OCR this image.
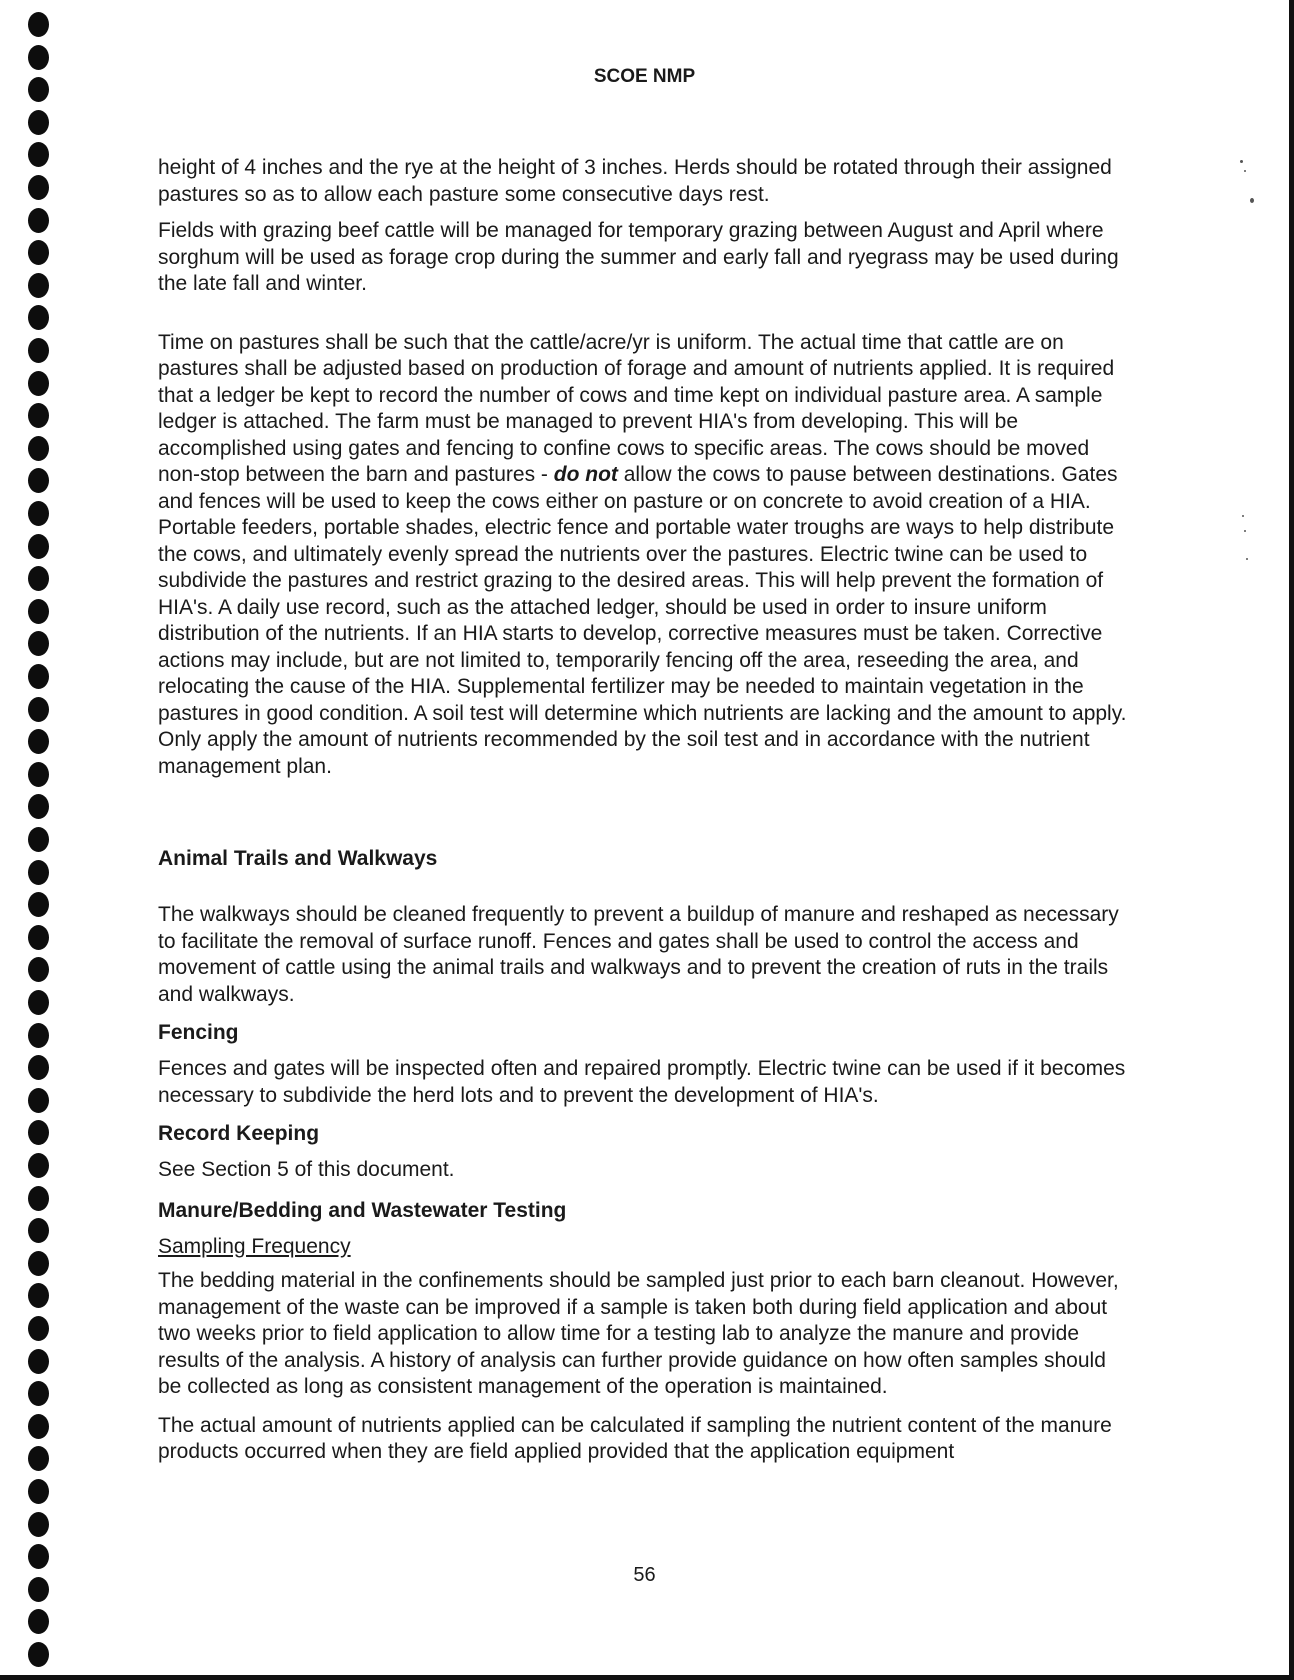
SCOE NMP

height of 4 inches and the rye at the height of 3 inches. Herds should be rotated through their assigned pastures so as to allow each pasture some consecutive days rest.

Fields with grazing beef cattle will be managed for temporary grazing between August and April where sorghum will be used as forage crop during the summer and early fall and ryegrass may be used during the late fall and winter.

Time on pastures shall be such that the cattle/acre/yr is uniform. The actual time that cattle are on pastures shall be adjusted based on production of forage and amount of nutrients applied. It is required that a ledger be kept to record the number of cows and time kept on individual pasture area. A sample ledger is attached. The farm must be managed to prevent HIA's from developing. This will be accomplished using gates and fencing to confine cows to specific areas. The cows should be moved non-stop between the barn and pastures - do not allow the cows to pause between destinations. Gates and fences will be used to keep the cows either on pasture or on concrete to avoid creation of a HIA. Portable feeders, portable shades, electric fence and portable water troughs are ways to help distribute the cows, and ultimately evenly spread the nutrients over the pastures. Electric twine can be used to subdivide the pastures and restrict grazing to the desired areas. This will help prevent the formation of HIA's. A daily use record, such as the attached ledger, should be used in order to insure uniform distribution of the nutrients. If an HIA starts to develop, corrective measures must be taken. Corrective actions may include, but are not limited to, temporarily fencing off the area, reseeding the area, and relocating the cause of the HIA. Supplemental fertilizer may be needed to maintain vegetation in the pastures in good condition. A soil test will determine which nutrients are lacking and the amount to apply. Only apply the amount of nutrients recommended by the soil test and in accordance with the nutrient management plan.

Animal Trails and Walkways

The walkways should be cleaned frequently to prevent a buildup of manure and reshaped as necessary to facilitate the removal of surface runoff. Fences and gates shall be used to control the access and movement of cattle using the animal trails and walkways and to prevent the creation of ruts in the trails and walkways.

Fencing

Fences and gates will be inspected often and repaired promptly. Electric twine can be used if it becomes necessary to subdivide the herd lots and to prevent the development of HIA's.

Record Keeping

See Section 5 of this document.

Manure/Bedding and Wastewater Testing

Sampling Frequency

The bedding material in the confinements should be sampled just prior to each barn cleanout. However, management of the waste can be improved if a sample is taken both during field application and about two weeks prior to field application to allow time for a testing lab to analyze the manure and provide results of the analysis. A history of analysis can further provide guidance on how often samples should be collected as long as consistent management of the operation is maintained.

The actual amount of nutrients applied can be calculated if sampling the nutrient content of the manure products occurred when they are field applied provided that the application equipment

56
